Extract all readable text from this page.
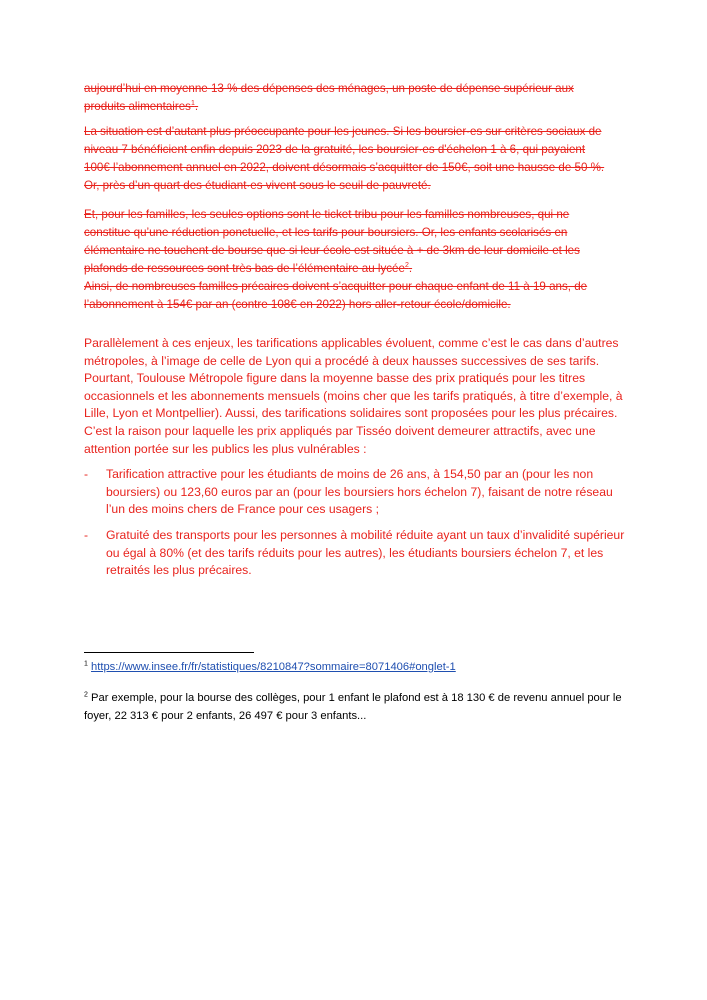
aujourd’hui en moyenne 13 % des dépenses des ménages, un poste de dépense supérieur aux
produits alimentaires$^1$.
La situation est d’autant plus préoccupante pour les jeunes. Si les boursier·es sur critères sociaux de
niveau 7 bénéficient enfin depuis 2023 de la gratuité, les boursier·es d'échelon 1 à 6, qui payaient
100€ l’abonnement annuel en 2022, doivent désormais s’acquitter de 150€, soit une hausse de 50 %.
Or, près d’un quart des étudiant·es vivent sous le seuil de pauvreté.
Et, pour les familles, les seules options sont le ticket tribu pour les familles nombreuses, qui ne
constitue qu’une réduction ponctuelle, et les tarifs pour boursiers. Or, les enfants scolarisés en
élémentaire ne touchent de bourse que si leur école est située à + de 3km de leur domicile et les
plafonds de ressources sont très bas de l’élémentaire au lycée$^2$.
Ainsi, de nombreuses familles précaires doivent s’acquitter pour chaque enfant de 11 à 19 ans, de
l’abonnement à 154€ par an (contre 108€ en 2022) hors aller-retour école/domicile.
Parallèlement à ces enjeux, les tarifications applicables évoluent, comme c’est le cas dans d’autres
métropoles, à l’image de celle de Lyon qui a procédé à deux hausses successives de ses tarifs.
Pourtant, Toulouse Métropole figure dans la moyenne basse des prix pratiqués pour les titres
occasionnels et les abonnements mensuels (moins cher que les tarifs pratiqués, à titre d’exemple, à
Lille, Lyon et Montpellier). Aussi, des tarifications solidaires sont proposées pour les plus précaires.
C’est la raison pour laquelle les prix appliqués par Tisséo doivent demeurer attractifs, avec une
attention portée sur les publics les plus vulnérables :
- Tarification attractive pour les étudiants de moins de 26 ans, à 154,50 par an (pour les non
boursiers) ou 123,60 euros par an (pour les boursiers hors échelon 7), faisant de notre réseau
l’un des moins chers de France pour ces usagers ;
- Gratuité des transports pour les personnes à mobilité réduite ayant un taux d’invalidité supérieur
ou égal à 80% (et des tarifs réduits pour les autres), les étudiants boursiers échelon 7, et les
retraités les plus précaires.
$^1$ https://www.insee.fr/fr/statistiques/8210847?sommaire=8071406#onglet-1
$^2$ Par exemple, pour la bourse des collèges, pour 1 enfant le plafond est à 18 130 € de revenu annuel pour le
foyer, 22 313 € pour 2 enfants, 26 497 € pour 3 enfants...
